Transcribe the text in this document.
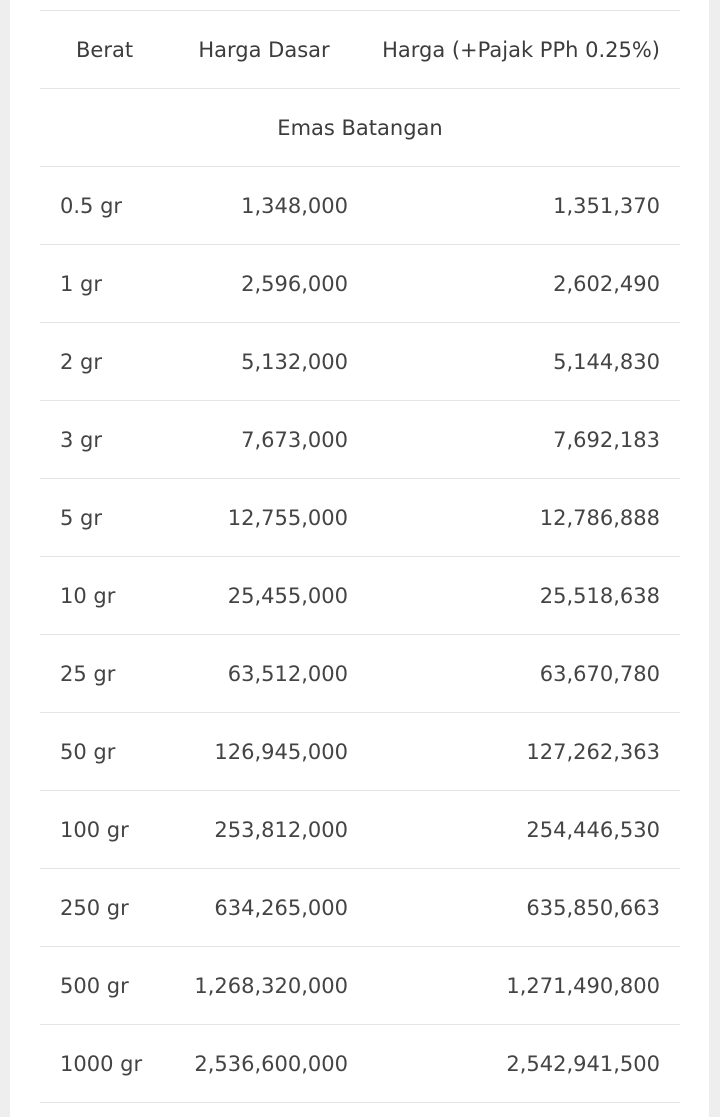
Berat	Harga Dasar	Harga (+Pajak PPh 0.25%)
Emas Batangan		
0.5 gr	1,348,000	1,351,370
1 gr	2,596,000	2,602,490
2 gr	5,132,000	5,144,830
3 gr	7,673,000	7,692,183
5 gr	12,755,000	12,786,888
10 gr	25,455,000	25,518,638
25 gr	63,512,000	63,670,780
50 gr	126,945,000	127,262,363
100 gr	253,812,000	254,446,530
250 gr	634,265,000	635,850,663
500 gr	1,268,320,000	1,271,490,800
1000 gr	2,536,600,000	2,542,941,500
